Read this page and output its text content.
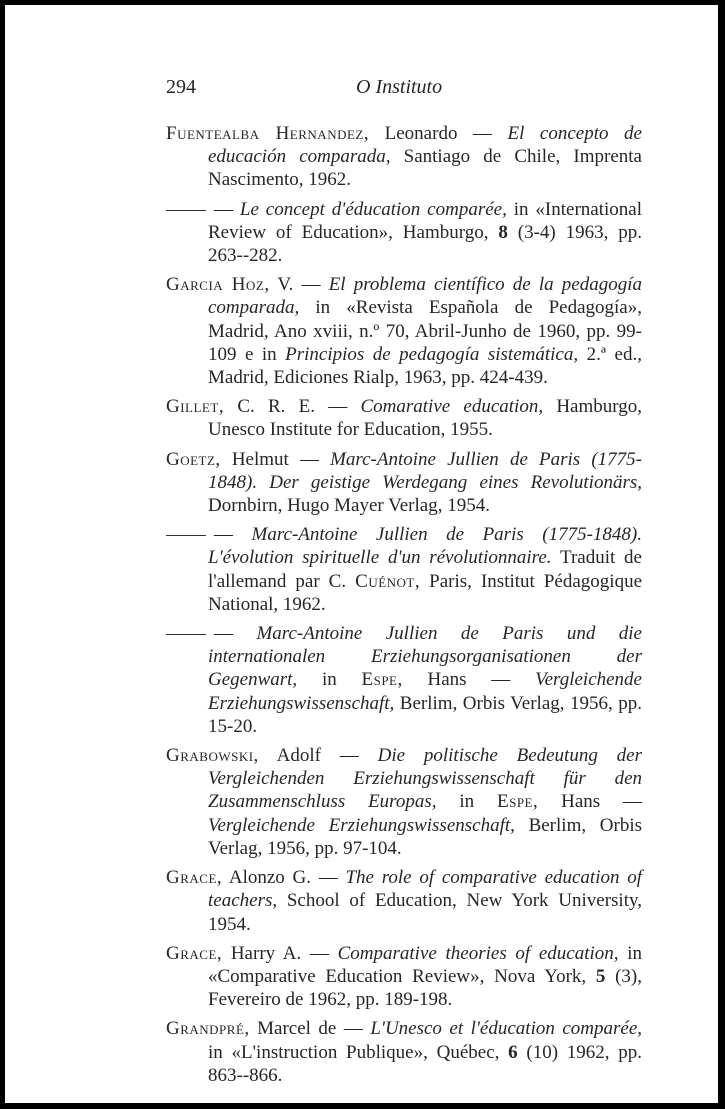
294	O Instituto

Fuentealba Hernandez, Leonardo — El concepto de educación comparada, Santiago de Chile, Imprenta Nascimento, 1962.

— Le concept d'éducation comparée, in «International Review of Education», Hamburgo, 8 (3-4) 1963, pp. 263--282.

Garcia Hoz, V. — El problema científico de la pedagogía comparada, in «Revista Española de Pedagogía», Madrid, Ano xviii, n.º 70, Abril-Junho de 1960, pp. 99-109 e in Principios de pedagogía sistemática, 2.ª ed., Madrid, Ediciones Rialp, 1963, pp. 424-439.

Gillet, C. R. E. — Comarative education, Hamburgo, Unesco Institute for Education, 1955.

Goetz, Helmut — Marc-Antoine Jullien de Paris (1775-1848). Der geistige Werdegang eines Revolutionärs, Dornbirn, Hugo Mayer Verlag, 1954.

— Marc-Antoine Jullien de Paris (1775-1848). L'évolution spirituelle d'un révolutionnaire. Traduit de l'allemand par C. Cuénot, Paris, Institut Pédagogique National, 1962.

— Marc-Antoine Jullien de Paris und die internationalen Erziehungsorganisationen der Gegenwart, in Espe, Hans — Vergleichende Erziehungswissenschaft, Berlim, Orbis Verlag, 1956, pp. 15-20.

Grabowski, Adolf — Die politische Bedeutung der Vergleichenden Erziehungswissenschaft für den Zusammenschluss Europas, in Espe, Hans — Vergleichende Erziehungswissenschaft, Berlim, Orbis Verlag, 1956, pp. 97-104.

Grace, Alonzo G. — The role of comparative education of teachers, School of Education, New York University, 1954.

Grace, Harry A. — Comparative theories of education, in «Comparative Education Review», Nova York, 5 (3), Fevereiro de 1962, pp. 189-198.

Grandpré, Marcel de — L'Unesco et l'éducation comparée, in «L'instruction Publique», Québec, 6 (10) 1962, pp. 863--866.
